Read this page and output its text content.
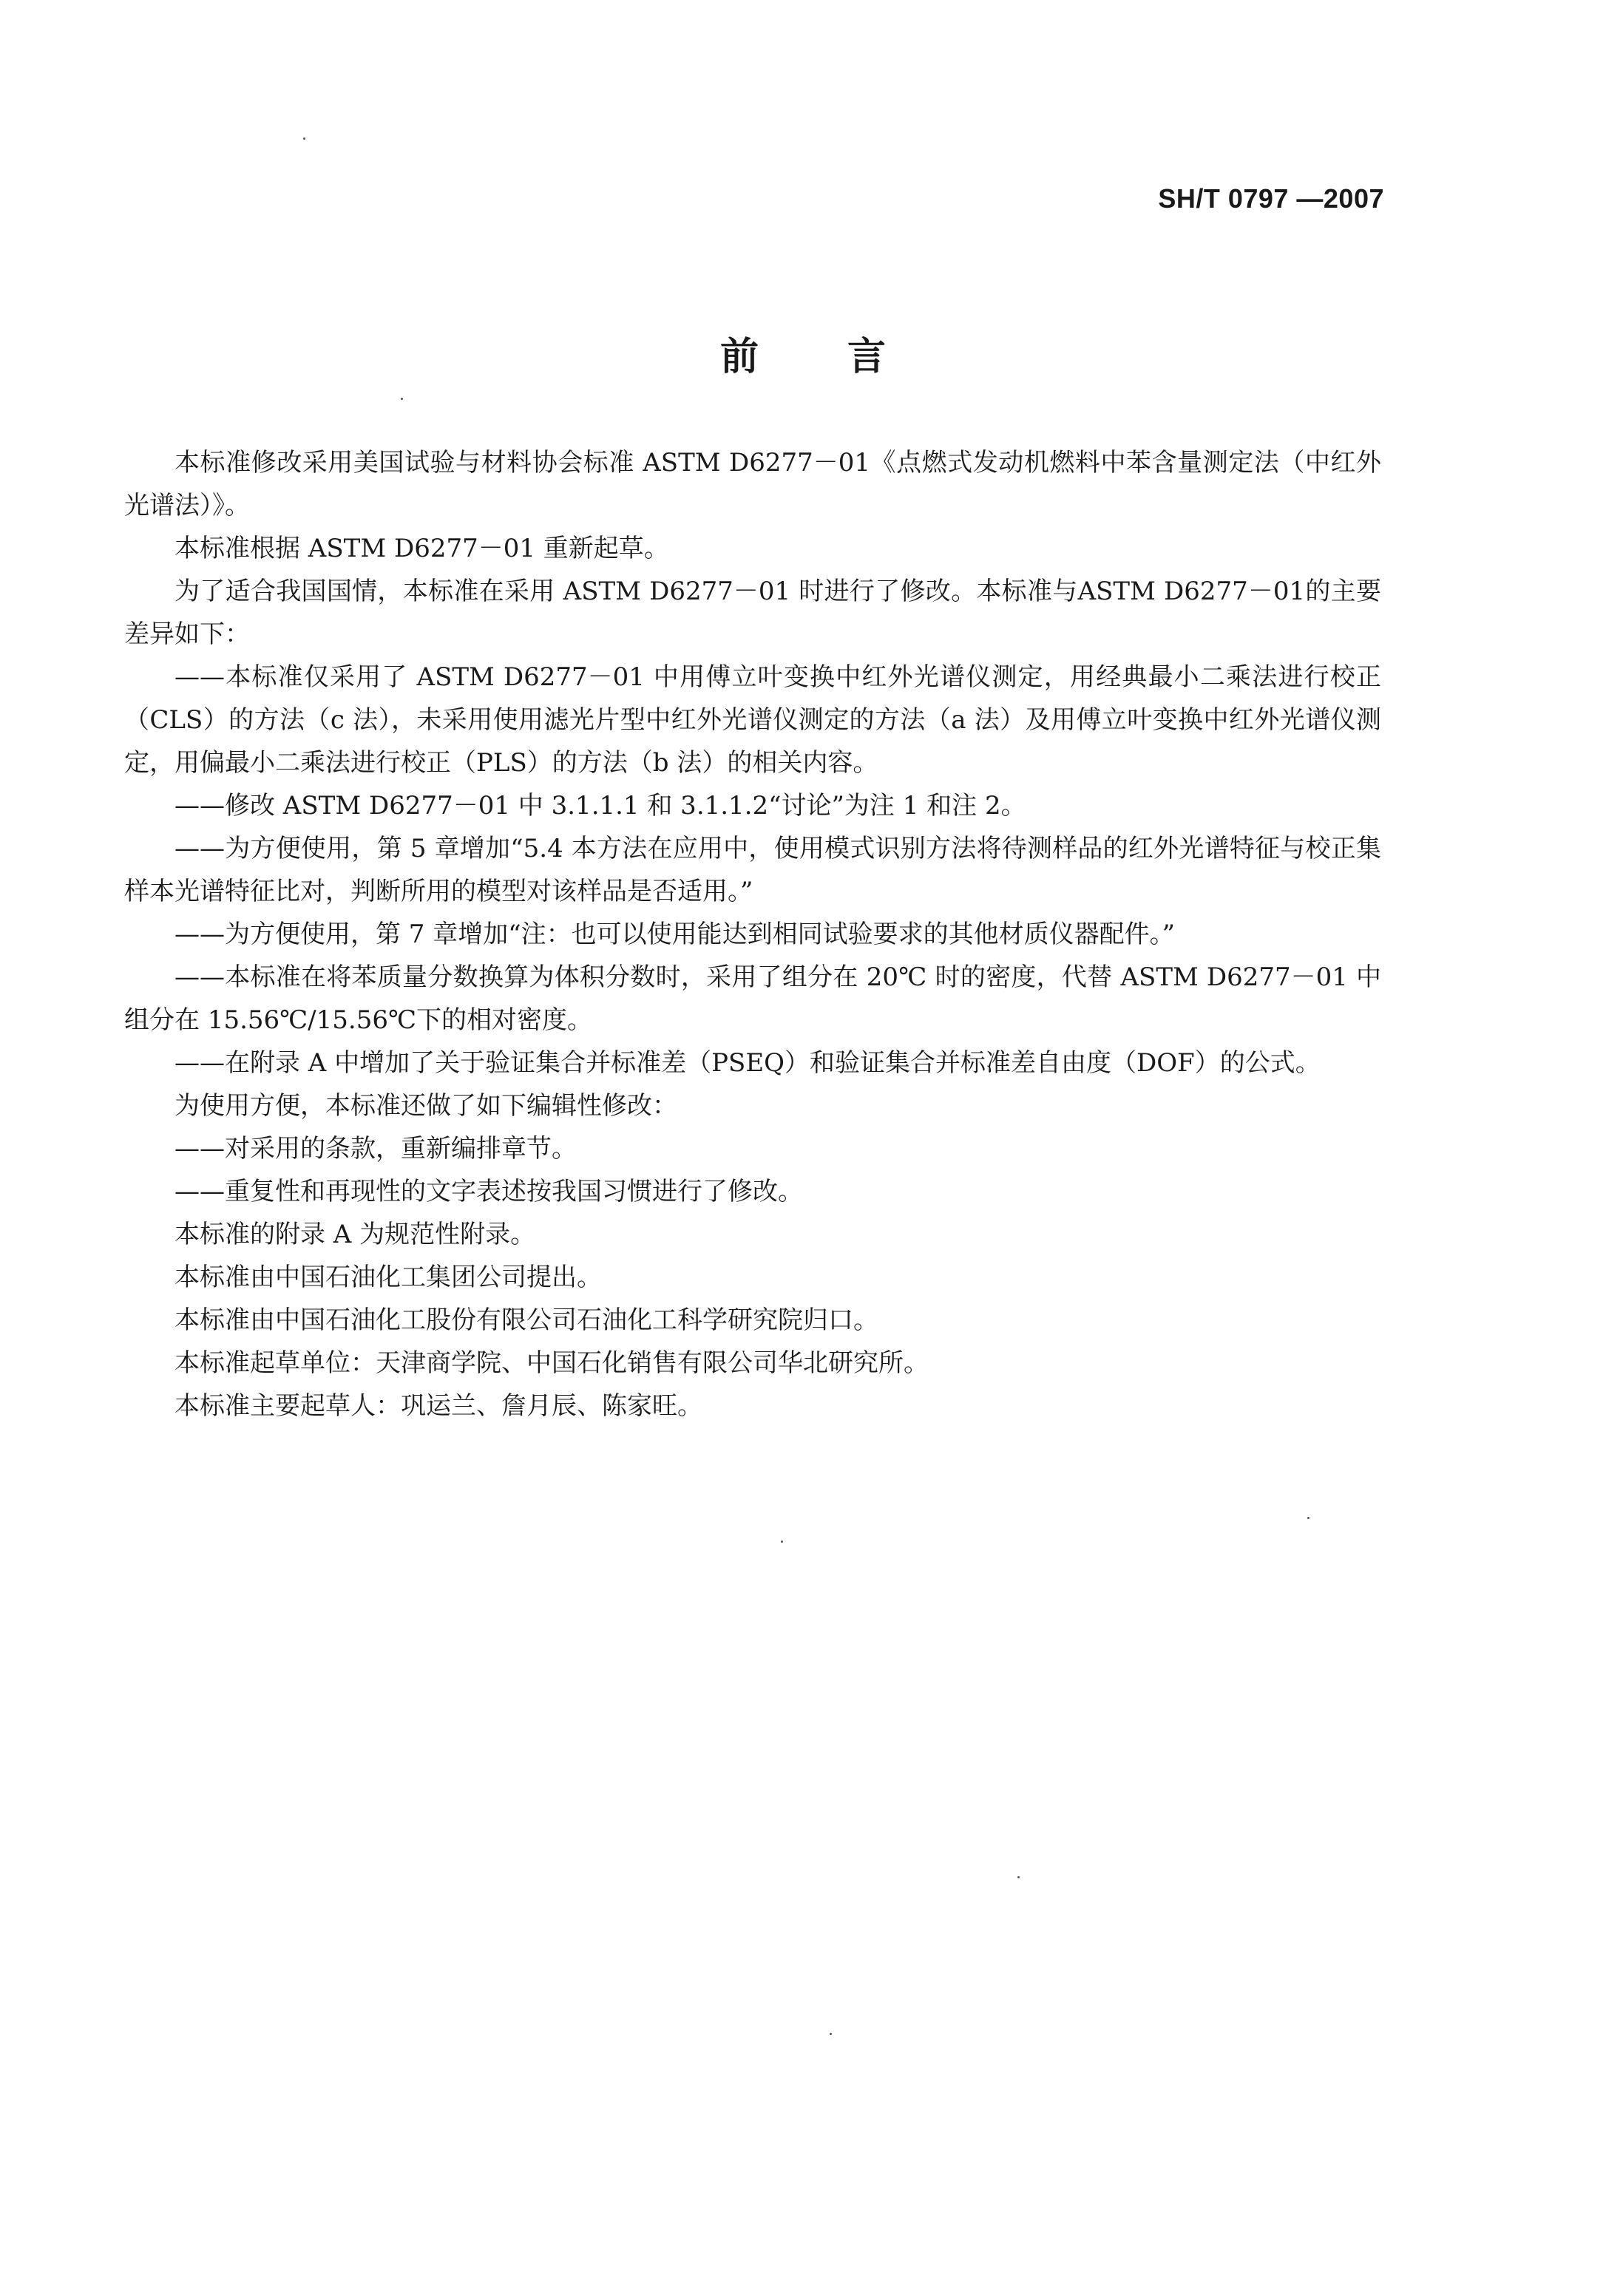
SH/T 0797 —2007
前言

本标准修改采用美国试验与材料协会标准 ASTM D6277－01《点燃式发动机燃料中苯含量测定法（中红外光谱法）》。

本标准根据 ASTM D6277－01 重新起草。

为了适合我国国情，本标准在采用 ASTM D6277－01 时进行了修改。本标准与ASTM D6277－01的主要差异如下：

——本标准仅采用了 ASTM D6277－01 中用傅立叶变换中红外光谱仪测定，用经典最小二乘法进行校正（CLS）的方法（c 法），未采用使用滤光片型中红外光谱仪测定的方法（a 法）及用傅立叶变换中红外光谱仪测定，用偏最小二乘法进行校正（PLS）的方法（b 法）的相关内容。

——修改 ASTM D6277－01 中 3.1.1.1 和 3.1.1.2“讨论”为注 1 和注 2。

——为方便使用，第 5 章增加“5.4 本方法在应用中，使用模式识别方法将待测样品的红外光谱特征与校正集样本光谱特征比对，判断所用的模型对该样品是否适用。”

——为方便使用，第 7 章增加“注：也可以使用能达到相同试验要求的其他材质仪器配件。”

——本标准在将苯质量分数换算为体积分数时，采用了组分在 20℃ 时的密度，代替 ASTM D6277－01 中组分在 15.56℃/15.56℃下的相对密度。

——在附录 A 中增加了关于验证集合并标准差（PSEQ）和验证集合并标准差自由度（DOF）的公式。

为使用方便，本标准还做了如下编辑性修改：

——对采用的条款，重新编排章节。

——重复性和再现性的文字表述按我国习惯进行了修改。

本标准的附录 A 为规范性附录。

本标准由中国石油化工集团公司提出。

本标准由中国石油化工股份有限公司石油化工科学研究院归口。

本标准起草单位：天津商学院、中国石化销售有限公司华北研究所。

本标准主要起草人：巩运兰、詹月辰、陈家旺。
